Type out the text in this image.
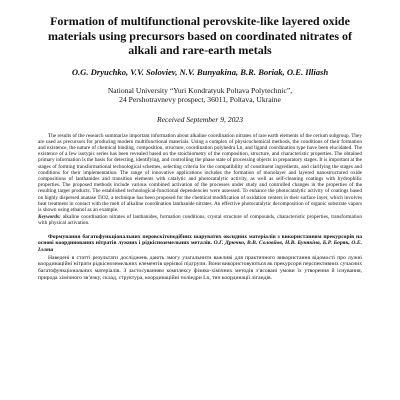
Formation of multifunctional perovskite-like layered oxide materials using precursors based on coordinated nitrates of alkali and rare-earth metals
O.G. Dryuchko, V.V. Soloviev, N.V. Bunyakina, B.R. Boriak, O.E. Illiash
National University “Yuri Kondratyuk Poltava Polytechnic”,
24 Pershotravnevy prospect, 36011, Poltava, Ukraine
Received September 9, 2023
The results of the research summarize important information about alkaline coordination nitrates of rare earth elements of the cerium subgroup. They are used as precursors for producing modern multifunctional materials. Using a complex of physicochemical methods, the conditions of their formation and existence, the nature of chemical binding, composition, structure, coordination polyhedra Ln, and ligand coordination type have been elucidated. The existence of a few isotypic series has been revealed based on the stoichiometry of the composition, structure, and characteristic properties. The obtained primary information is the basis for detecting, identifying, and controlling the phase state of processing objects in preparatory stages. It is important at the stages of forming transformational technological schemes, selecting criteria for the compatibility of constituent ingredients, and clarifying the stages and conditions for their implementation. The range of innovative applications includes the formation of monolayer and layered nanostructured oxide compositions of lanthanides and transition elements with catalytic and photocatalytic activity, as well as self-cleaning coatings with hydrophilic properties. The proposed methods include various combined activation of the processes under study and controlled changes in the properties of the resulting target products. The established technological-functional dependencies were assessed. To enhance the photocatalytic activity of coatings based on highly dispersed anatase TiO2, a technique has been proposed for the chemical modification of oxidation centers in their surface layer, which involves heat treatment in contact with the melt of alkaline coordination lanthanide nitrates. An effective photocatalytic decomposition of organic substrate vapors is shown using ethanol as an example.
Keywords: alkaline coordination nitrates of lanthanides, formation conditions, crystal structure of compounds, characteristic properties, transformation with physical activation.
Формування багатофункціональних перовскітоподібних шаруватих оксидних матеріалів з використанням прекурсорів на основі координованих нітратів лужних і рідкісноземельних металів. О.Г. Дрючко, В.В. Соловйов, Н.В. Бунякіна, Б.Р. Боряк, О.Е. Ілляш
Наведені в статті результати досліджень дають змогу узагальнити важливі для практичного використання відомості про лужні координаційні нітрати рідкісноземельних елементів церієвої підгрупи. Вони використовуються як прекурсори перспективних сучасних багатофункціональних матеріалів. З застосуванням комплексу фізико-хімічних методів з’ясовані умови їх утворення й існування, природа хімічного зв’язку, склад, структура, координаційні поліедри Ln, тип координації лігандів.
